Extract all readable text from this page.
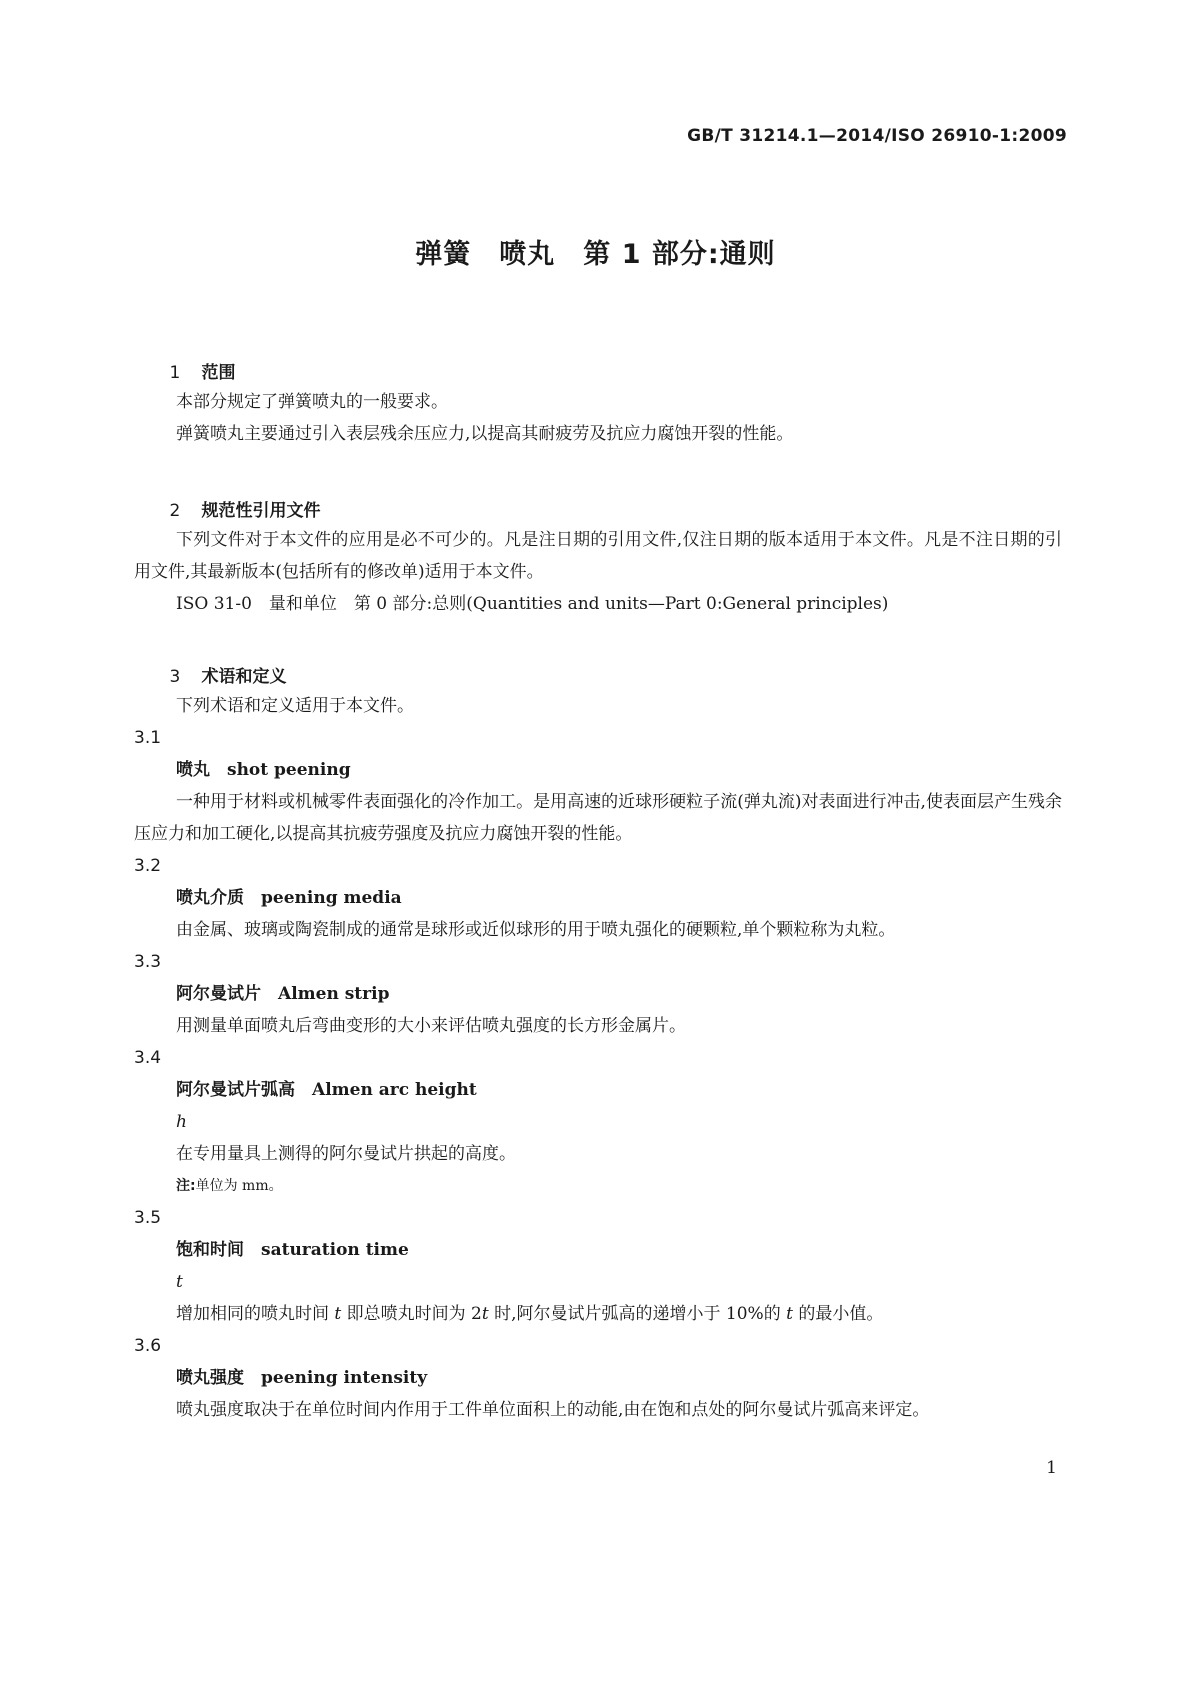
GB/T 31214.1—2014/ISO 26910-1:2009
弹簧　喷丸　第 1 部分:通则

1 范围

本部分规定了弹簧喷丸的一般要求。

弹簧喷丸主要通过引入表层残余压应力,以提高其耐疲劳及抗应力腐蚀开裂的性能。

2 规范性引用文件

下列文件对于本文件的应用是必不可少的。凡是注日期的引用文件,仅注日期的版本适用于本文件。凡是不注日期的引用文件,其最新版本(包括所有的修改单)适用于本文件。

ISO 31-0　量和单位　第 0 部分:总则(Quantities and units—Part 0:General principles)

3 术语和定义

下列术语和定义适用于本文件。

3.1
喷丸　 shot peening

一种用于材料或机械零件表面强化的冷作加工。是用高速的近球形硬粒子流(弹丸流)对表面进行冲击,使表面层产生残余压应力和加工硬化,以提高其抗疲劳强度及抗应力腐蚀开裂的性能。

3.2
喷丸介质　 peening media

由金属、玻璃或陶瓷制成的通常是球形或近似球形的用于喷丸强化的硬颗粒,单个颗粒称为丸粒。

3.3
阿尔曼试片　 Almen strip

用测量单面喷丸后弯曲变形的大小来评估喷丸强度的长方形金属片。

3.4
阿尔曼试片弧高　 Almen arc height
h

在专用量具上测得的阿尔曼试片拱起的高度。

注:单位为 mm。
3.5
饱和时间　 saturation time
t

增加相同的喷丸时间 t 即总喷丸时间为 2t 时,阿尔曼试片弧高的递增小于 10%的 t 的最小值。

3.6
喷丸强度　 peening intensity

喷丸强度取决于在单位时间内作用于工件单位面积上的动能,由在饱和点处的阿尔曼试片弧高来评定。

1
